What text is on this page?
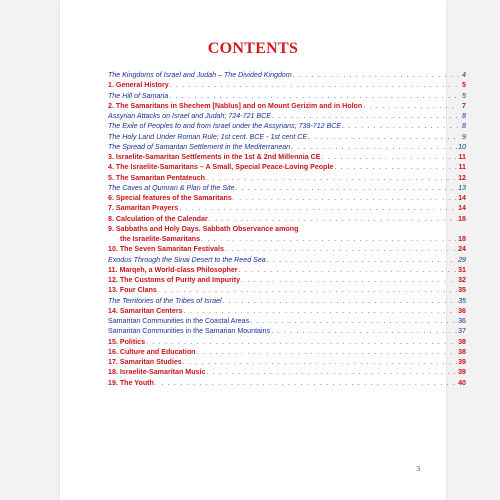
CONTENTS
The Kingdoms of Israel and Judah – The Divided Kingdom . . .	4
1. General History . . .	5
The Hill of Samaria . . .	5
2. The Samaritans in Shechem [Nablus] and on Mount Gerizim and in Holon . . .	7
Assyrian Attacks on Israel and Judah; 724-721 BCE . . .	8
The Exile of Peoples to and from Israel under the Assyrians; 738-712 BCE . . .	8
The Holy Land Under Roman Rule; 1st cent. BCE - 1st cent CE . . .	9
The Spread of Samaritan Settlement in the Mediterranean . . .	10
3. Israelite-Samaritan Settlements in the 1st & 2nd Millennia CE . . .	11
4. The Israelite-Samaritans – A Small, Special Peace-Loving People . . .	11
5. The Samaritan Pentateuch . . .	12
The Caves at Qumran & Plan of the Site . . .	13
6. Special features of the Samaritans . . .	14
7. Samaritan Prayers . . .	14
8. Calculation of the Calendar . . .	18
9. Sabbaths and Holy Days. Sabbath Observance among
the Israelite-Samaritans . . .	18
10. The Seven Samaritan Festivals . . .	24
Exodus Through the Sinai Desert to the Reed Sea . . .	29
11. Marqeh, a World-class Philosopher . . .	31
12. The Customs of Purity and Impurity . . .	32
13. Four Clans . . .	35
The Territories of the Tribes of Israel . . .	35
14. Samaritan Centers . . .	36
Samaritan Communities in the Coastal Areas . . .	36
Samaritan Communities in the Samarian Mountains . . .	37
15. Politics . . .	38
16. Culture and Education . . .	38
17. Samaritan Studies . . .	39
18. Israelite-Samaritan Music . . .	39
19. The Youth . . .	40
3
